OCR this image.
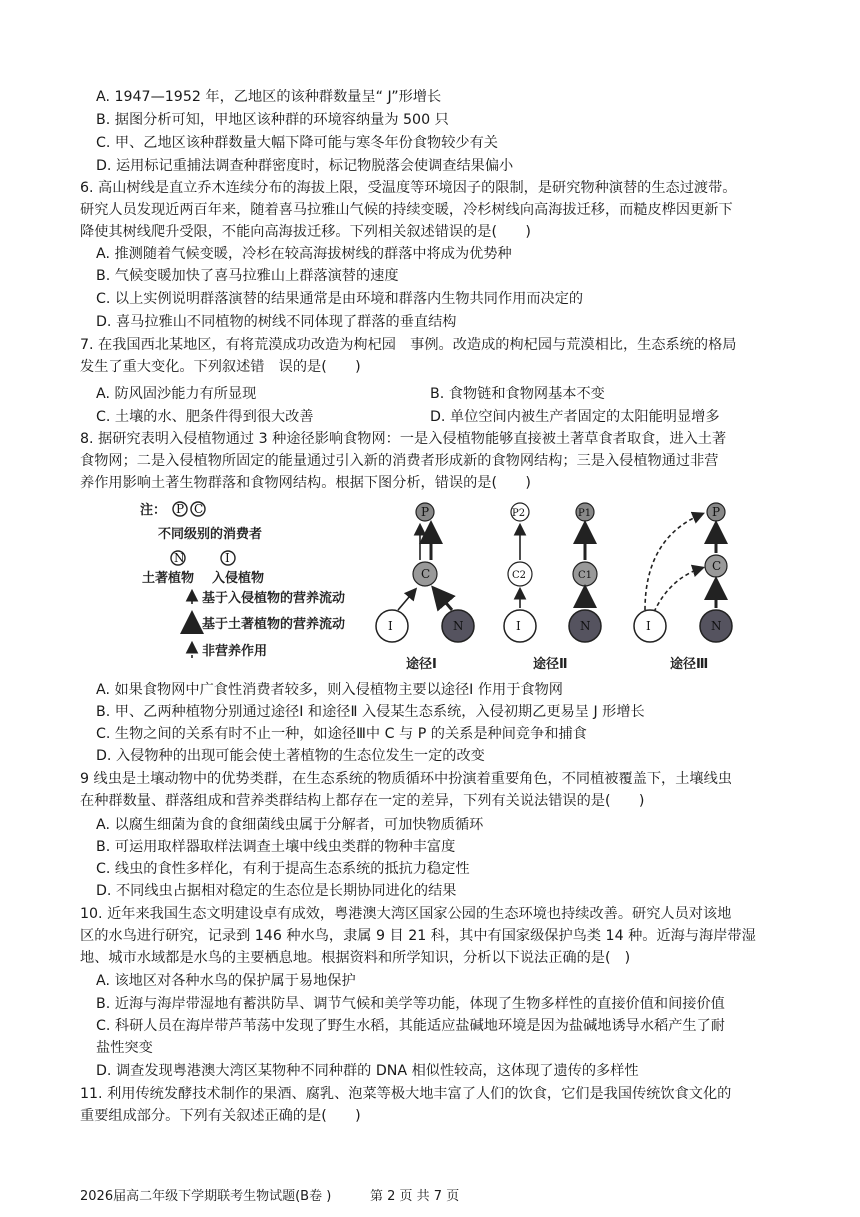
A. 1947—1952 年，乙地区的该种群数量呈“ J”形增长
B. 据图分析可知，甲地区该种群的环境容纳量为 500 只
C. 甲、乙地区该种群数量大幅下降可能与寒冬年份食物较少有关
D. 运用标记重捕法调查种群密度时，标记物脱落会使调查结果偏小
6. 高山树线是直立乔木连续分布的海拔上限，受温度等环境因子的限制，是研究物种演替的生态过渡带。
研究人员发现近两百年来，随着喜马拉雅山气候的持续变暖，冷杉树线向高海拔迁移，而糙皮桦因更新下
降使其树线爬升受限，不能向高海拔迁移。下列相关叙述错误的是(　　)
A. 推测随着气候变暖，冷杉在较高海拔树线的群落中将成为优势种
B. 气候变暖加快了喜马拉雅山上群落演替的速度
C. 以上实例说明群落演替的结果通常是由环境和群落内生物共同作用而决定的
D. 喜马拉雅山不同植物的树线不同体现了群落的垂直结构
7. 在我国西北某地区，有将荒漠成功改造为枸杞园　事例。改造成的枸杞园与荒漠相比，生态系统的格局
发生了重大变化。下列叙述错　误的是(　　)
A. 防风固沙能力有所显现	B. 食物链和食物网基本不变
C. 土壤的水、肥条件得到很大改善	D. 单位空间内被生产者固定的太阳能明显增多
8. 据研究表明入侵植物通过 3 种途径影响食物网：一是入侵植物能够直接被土著草食者取食，进入土著
食物网；二是入侵植物所固定的能量通过引入新的消费者形成新的食物网结构；三是入侵植物通过非营
养作用影响土著生物群落和食物网结构。根据下图分析，错误的是(　　)
注： P C
不同级别的消费者
N	I
土著植物 入侵植物
基于入侵植物的营养流动
基于土著植物的营养流动
非营养作用
P
C
I	N
途径Ⅰ
P2
C2
I
P1
C1
N
途径Ⅱ
P
C
N
I
途径Ⅲ
A. 如果食物网中广食性消费者较多，则入侵植物主要以途径Ⅰ 作用于食物网
B. 甲、乙两种植物分别通过途径Ⅰ 和途径Ⅱ 入侵某生态系统，入侵初期乙更易呈 J 形增长
C. 生物之间的关系有时不止一种，如途径Ⅲ中 C 与 P 的关系是种间竞争和捕食
D. 入侵物种的出现可能会使土著植物的生态位发生一定的改变
9 线虫是土壤动物中的优势类群，在生态系统的物质循环中扮演着重要角色，不同植被覆盖下，土壤线虫
在种群数量、群落组成和营养类群结构上都存在一定的差异，下列有关说法错误的是(　　)
A. 以腐生细菌为食的食细菌线虫属于分解者，可加快物质循环
B. 可运用取样器取样法调查土壤中线虫类群的物种丰富度
C. 线虫的食性多样化，有利于提高生态系统的抵抗力稳定性
D. 不同线虫占据相对稳定的生态位是长期协同进化的结果
10. 近年来我国生态文明建设卓有成效，粤港澳大湾区国家公园的生态环境也持续改善。研究人员对该地
区的水鸟进行研究，记录到 146 种水鸟，隶属 9 目 21 科，其中有国家级保护鸟类 14 种。近海与海岸带湿
地、城市水域都是水鸟的主要栖息地。根据资料和所学知识，分析以下说法正确的是(　)
A. 该地区对各种水鸟的保护属于易地保护
B. 近海与海岸带湿地有蓄洪防旱、调节气候和美学等功能，体现了生物多样性的直接价值和间接价值
C. 科研人员在海岸带芦苇荡中发现了野生水稻，其能适应盐碱地环境是因为盐碱地诱导水稻产生了耐
盐性突变
D. 调查发现粤港澳大湾区某物种不同种群的 DNA 相似性较高，这体现了遗传的多样性
11. 利用传统发酵技术制作的果酒、腐乳、泡菜等极大地丰富了人们的饮食，它们是我国传统饮食文化的
重要组成部分。下列有关叙述正确的是(　　)
2026届高二年级下学期联考生物试题(B卷 )	第 2 页 共 7 页
